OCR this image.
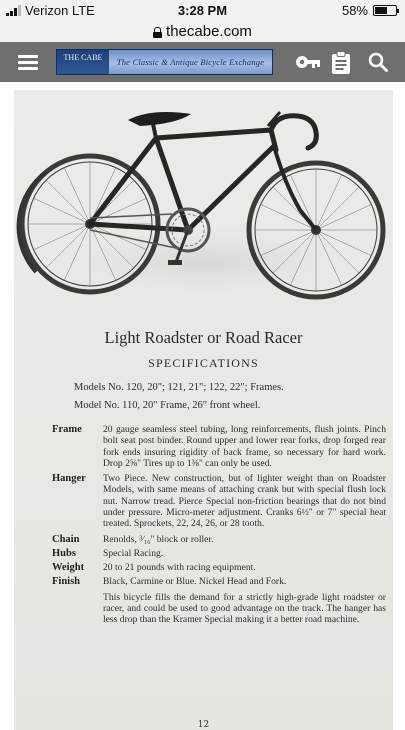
Verizon LTE	3:28 PM	58%
thecabe.com
THE CABE	The Classic & Antique Bicycle Exchange
Light Roadster or Road Racer
SPECIFICATIONS
Models No. 120, 20"; 121, 21"; 122, 22"; Frames.
Model No. 110, 20" Frame, 26" front wheel.
Frame	20 gauge seamless steel tubing, long reinforcements, flush joints. Pinch bolt seat post binder. Round upper and lower rear forks, drop forged rear fork ends insuring rigidity of back frame, so necessary for hard work. Drop 2⅝" Tires up to 1⅜" can only be used.
Hanger	Two Piece. New construction, but of lighter weight than on Roadster Models, with same means of attaching crank but with special flush lock nut. Narrow tread. Pierce Special non-friction bearings that do not bind under pressure. Micro-meter adjustment. Cranks 6½" or 7" special heat treated. Sprockets, 22, 24, 26, or 28 tooth.
Chain	Renolds, ³⁄₁₆" block or roller.
Hubs	Special Racing.
Weight	20 to 21 pounds with racing equipment.
Finish	Black, Carmine or Blue. Nickel Head and Fork.
This bicycle fills the demand for a strictly high-grade light roadster or racer, and could be used to good advantage on the track. The hanger has less drop than the Kramer Special making it a better road machine.
12
